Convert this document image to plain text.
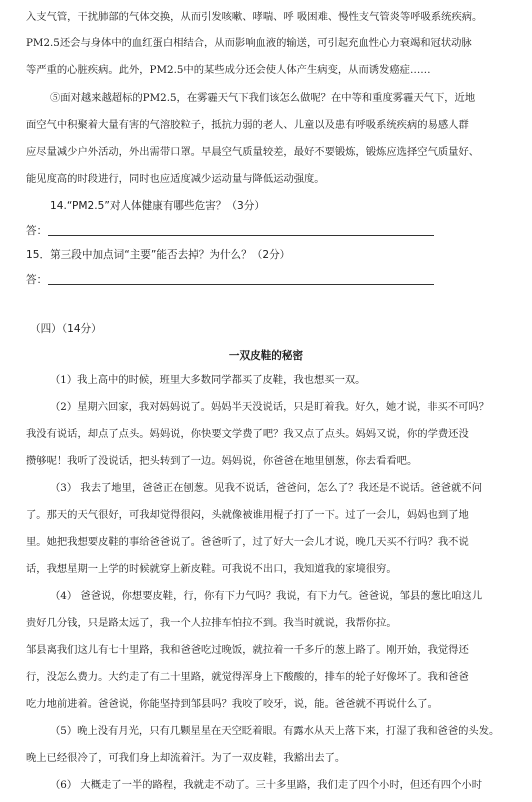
入支气管，干扰肺部的气体交换，从而引发咳嗽、哮喘、呼 吸困难、慢性支气管炎等呼吸系统疾病。
PM2.5还会与身体中的血红蛋白相结合，从而影响血液的输送，可引起充血性心力衰竭和冠状动脉
等严重的心脏疾病。此外，PM2.5中的某些成分还会使人体产生病变，从而诱发癌症……
⑤面对越来越超标的PM2.5，在雾霾天气下我们该怎么做呢？在中等和重度雾霾天气下，近地
面空气中积聚着大量有害的气溶胶粒子，抵抗力弱的老人、儿童以及患有呼吸系统疾病的易感人群
应尽量减少户外活动，外出需带口罩。早晨空气质量较差，最好不要锻炼，锻炼应选择空气质量好、
能见度高的时段进行，同时也应适度减少运动量与降低运动强度。
14.“PM2.5”对人体健康有哪些危害？（3分）
答：
15．第三段中加点词“主要”能否去掉？为什么？（2分）
答：
（四）（14分）
一双皮鞋的秘密
（1）我上高中的时候，班里大多数同学都买了皮鞋，我也想买一双。
（2）星期六回家，我对妈妈说了。妈妈半天没说话，只是盯着我。好久，她才说，非买不可吗？
我没有说话，却点了点头。妈妈说，你快要文学费了吧？我又点了点头。妈妈又说，你的学费还没
攒够呢！我听了没说话，把头转到了一边。妈妈说，你爸爸在地里刨葱，你去看看吧。
（3） 我去了地里，爸爸正在刨葱。见我不说话，爸爸问，怎么了？我还是不说话。爸爸就不问
了。那天的天气很好，可我却觉得很闷，头就像被谁用棍子打了一下。过了一会儿，妈妈也到了地
里。她把我想要皮鞋的事给爸爸说了。爸爸听了，过了好大一会儿才说，晚几天买不行吗？我不说
话，我想星期一上学的时候就穿上新皮鞋。可我说不出口，我知道我的家境很穷。
（4） 爸爸说，你想要皮鞋，行，你有下力气吗？我说，有下力气。爸爸说，邹县的葱比咱这儿
贵好几分钱，只是路太远了，我一个人拉排车怕拉不到。我当时就说，我帮你拉。
邹县离我们这儿有七十里路，我和爸爸吃过晚饭，就拉着一千多斤的葱上路了。刚开始，我觉得还
行，没怎么费力。大约走了有二十里路，就觉得浑身上下酸酸的，排车的轮子好像坏了。我和爸爸
吃力地前进着。爸爸说，你能坚持到邹县吗？我咬了咬牙，说，能。爸爸就不再说什么了。
（5）晚上没有月光，只有几颗星星在天空眨着眼。有露水从天上落下来，打湿了我和爸爸的头发。
晚上已经很冷了，可我们身上却流着汗。为了一双皮鞋，我豁出去了。
（6） 大概走了一半的路程，我就走不动了。三十多里路，我们走了四个小时，但还有四个小时
